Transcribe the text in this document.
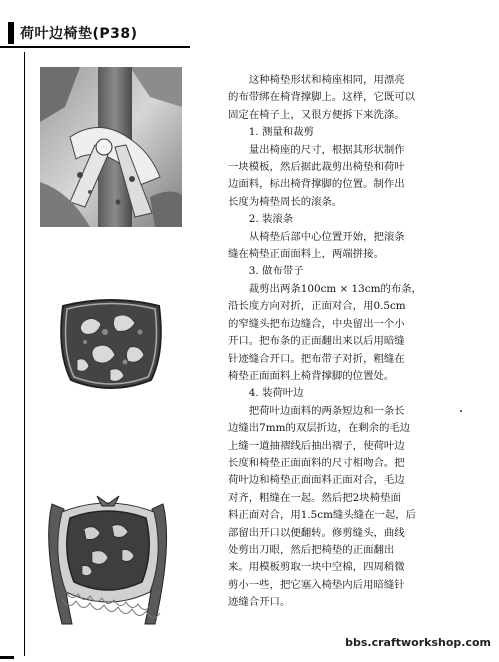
荷叶边椅垫(P38)

　　这种椅垫形状和椅座相同，用漂亮

的布带绑在椅背撑脚上。这样，它既可以

固定在椅子上，又很方便拆下来洗涤。

　　1. 测量和裁剪

　　量出椅座的尺寸，根据其形状制作

一块模板，然后据此裁剪出椅垫和荷叶

边面料，标出椅背撑脚的位置。制作出

长度为椅垫周长的滚条。

　　2. 装滚条

　　从椅垫后部中心位置开始，把滚条

缝在椅垫正面面料上，两端拼接。

　　3. 做布带子

　　裁剪出两条100cm × 13cm的布条，

沿长度方向对折，正面对合，用0.5cm

的窄缝头把布边缝合，中央留出一个小

开口。把布条的正面翻出来以后用暗缝

针迹缝合开口。把布带子对折，粗缝在

椅垫正面面料上椅背撑脚的位置处。

　　4. 装荷叶边

　　把荷叶边面料的两条短边和一条长

边缝出7mm的双层折边，在剩余的毛边

上缝一道抽褶线后抽出褶子，使荷叶边

长度和椅垫正面面料的尺寸相吻合。把

荷叶边和椅垫正面面料正面对合，毛边

对齐，粗缝在一起。然后把2块椅垫面

料正面对合，用1.5cm缝头缝在一起，后

部留出开口以便翻转。修剪缝头，曲线

处剪出刀眼，然后把椅垫的正面翻出

来。用模板剪取一块中空棉，四周稍微

剪小一些，把它塞入椅垫内后用暗缝针

迹缝合开口。

bbs.craftworkshop.com
